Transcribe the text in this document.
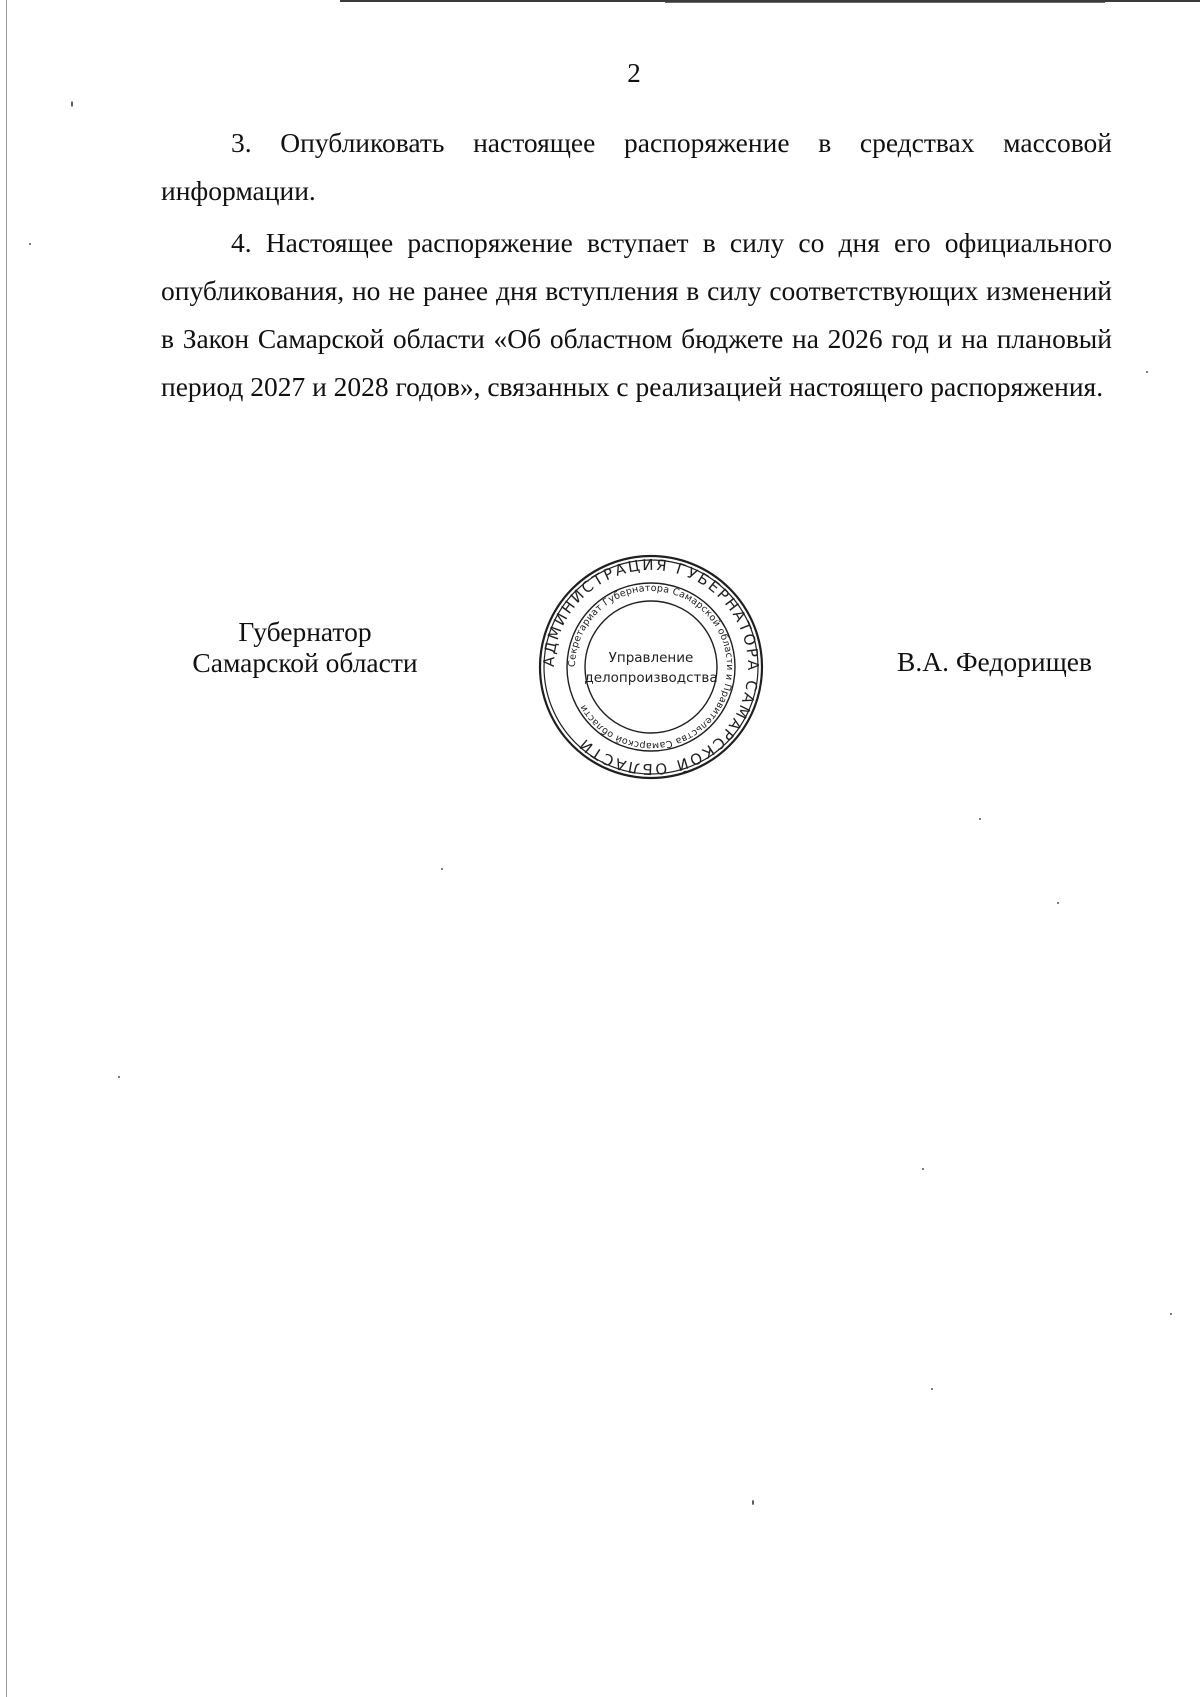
2

3. Опубликовать настоящее распоряжение в средствах массовой информации.

4. Настоящее распоряжение вступает в силу со дня его официального опубликования, но не ранее дня вступления в силу соответствующих изменений в Закон Самарской области «Об областном бюджете на 2026 год и на плановый период 2027 и 2028 годов», связанных с реализацией настоящего распоряжения.

Губернатор
Самарской области	АДМИНИСТРАЦИЯ ГУБЕРНАТОРА САМАРСКОЙ ОБЛАСТИ
Секретариат Губернатора Самарской области и Правительства Самарской области
Управление
делопроизводства
В.А. Федорищев
